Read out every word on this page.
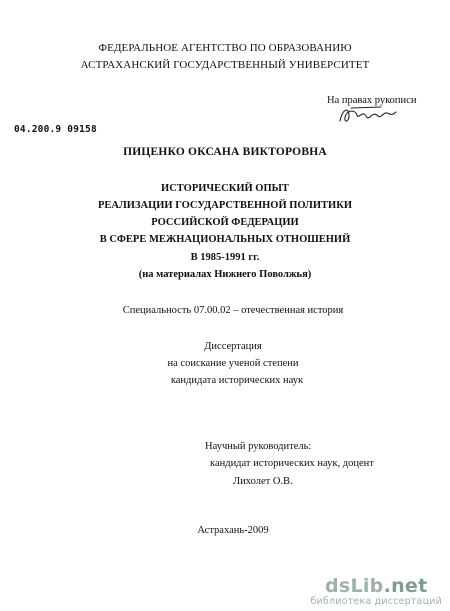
ФЕДЕРАЛЬНОЕ АГЕНТСТВО ПО ОБРАЗОВАНИЮ
АСТРАХАНСКИЙ ГОСУДАРСТВЕННЫЙ УНИВЕРСИТЕТ
На правах рукописи
04.200.9 09158
ПИЦЕНКО ОКСАНА ВИКТОРОВНА
ИСТОРИЧЕСКИЙ ОПЫТ
РЕАЛИЗАЦИИ ГОСУДАРСТВЕННОЙ ПОЛИТИКИ
РОССИЙСКОЙ ФЕДЕРАЦИИ
В СФЕРЕ МЕЖНАЦИОНАЛЬНЫХ ОТНОШЕНИЙ
В 1985-1991 гг.
(на материалах Нижнего Поволжья)
Специальность 07.00.02 – отечественная история
Диссертация
на соискание ученой степени
кандидата исторических наук
Научный руководитель:
кандидат исторических наук, доцент
Лихолет О.В.
Астрахань-2009
dsLib.net
библиотека диссертаций
